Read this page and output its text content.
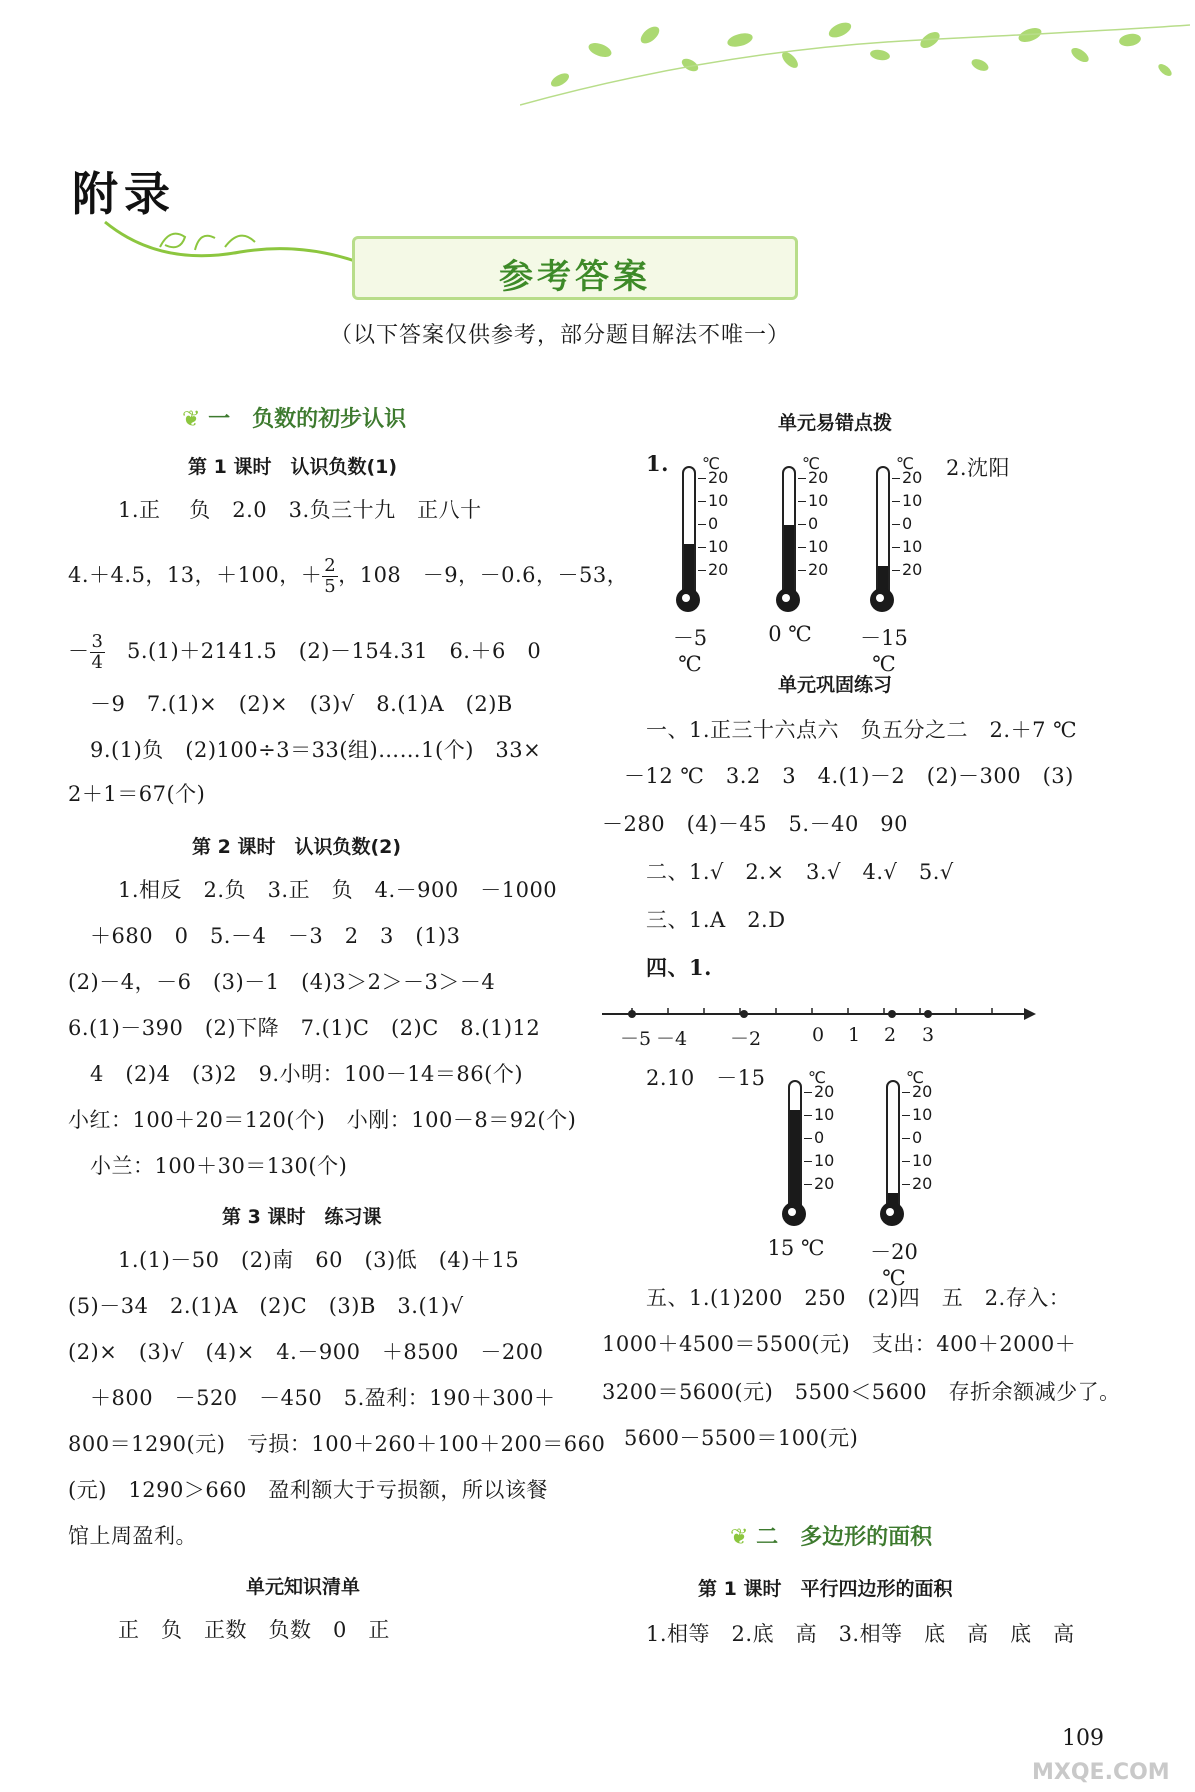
附录
参考答案
（以下答案仅供参考，部分题目解法不唯一）
❦ 一　负数的初步认识
第 1 课时　认识负数(1)
1.正　 负　2.0　3.负三十九　正八十
4.＋4.5，13，＋100，＋ $\frac{2}{5}$ ，108　－9，－0.6，－53，
－ $\frac{3}{4}$
　 5.(1)＋2141.5　(2)－154.31　6.＋6　0
－9　7.(1)×　(2)×　(3)√　8.(1)A　(2)B
9.(1)负　(2)100÷3＝33(组)……1(个)　33×
2＋1＝67(个)
第 2 课时　认识负数(2)
1.相反　2.负　3.正　负　4.－900　－1000
＋680　0　5.－4　－3　2　3　(1)3
(2)－4，－6　(3)－1　(4)3＞2＞－3＞－4
6.(1)－390　(2)下降　7.(1)C　(2)C　8.(1)12
4　(2)4　(3)2　9.小明：100－14＝86(个)
小红：100＋20＝120(个)　小刚：100－8＝92(个)
小兰：100＋30＝130(个)
第 3 课时　练习课
1.(1)－50　(2)南　60　(3)低　(4)＋15
(5)－34　2.(1)A　(2)C　(3)B　3.(1)√
(2)×　(3)√　(4)×　4.－900　＋8500　－200
＋800　－520　－450　5.盈利：190＋300＋
800＝1290(元)　亏损：100＋260＋100＋200＝660
(元)　1290＞660　盈利额大于亏损额，所以该餐
馆上周盈利。
单元知识清单
正　负　正数　负数　0　正
单元易错点拨
1.	2.沈阳
℃
20
10
0
10
20
－5 ℃
℃
20
10
0
10
20
0 ℃
℃
20
10
0
10
20
－15 ℃
单元巩固练习
一、1.正三十六点六　负五分之二　2.＋7 ℃
－12 ℃　3.2　3　4.(1)－2　(2)－300　(3)
－280　(4)－45　5.－40　90
二、1.√　2.×　3.√　4.√　5.√
三、1.A　2.D
四、1.
－5 －4 －2	0 1 2 3
2.10　－15	℃
20
10
0
10
20
15 ℃
℃
20
10
0
10
20
－20 ℃
五、1.(1)200　250　(2)四　五　2.存入：
1000＋4500＝5500(元)　支出：400＋2000＋
3200＝5600(元)　5500＜5600　存折余额减少了。
5600－5500＝100(元)
❦ 二　多边形的面积
第 1 课时　平行四边形的面积
1.相等　2.底　高　3.相等　底　高　底　高
109
MXQE.COM
